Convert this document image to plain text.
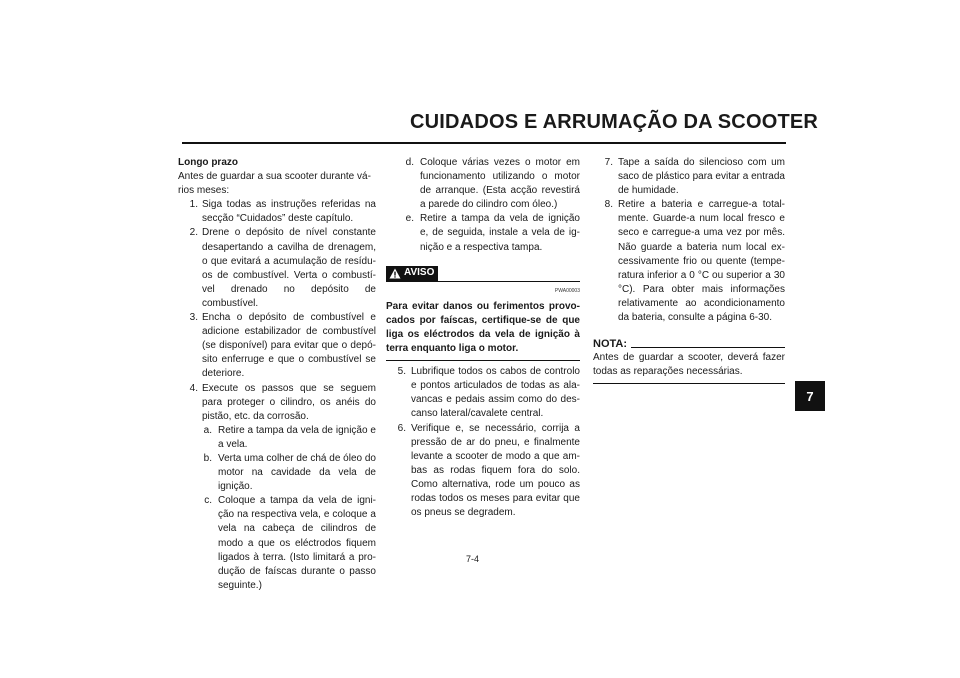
CUIDADOS E ARRUMAÇÃO DA SCOOTER

Longo prazo

Antes de guardar a sua scooter durante vá-rios meses:

1. Siga todas as instruções referidas na secção “Cuidados” deste capítulo.
2. Drene o depósito de nível constante desapertando a cavilha de drenagem, o que evitará a acumulação de resídu-os de combustível. Verta o combustí-vel drenado no depósito de combustível.
3. Encha o depósito de combustível e adicione estabilizador de combustível (se disponível) para evitar que o depó-sito enferruge e que o combustível se deteriore.
4. Execute os passos que se seguem para proteger o cilindro, os anéis do pistão, etc. da corrosão.
a. Retire a tampa da vela de ignição e a vela.
b. Verta uma colher de chá de óleo do motor na cavidade da vela de ignição.
c. Coloque a tampa da vela de igni-ção na respectiva vela, e coloque a vela na cabeça de cilindros de modo a que os eléctrodos fiquem ligados à terra. (Isto limitará a pro-dução de faíscas durante o passo seguinte.)
d. Coloque várias vezes o motor em funcionamento utilizando o motor de arranque. (Esta acção revestirá a parede do cilindro com óleo.)
e. Retire a tampa da vela de ignição e, de seguida, instale a vela de ig-nição e a respectiva tampa.
AVISO
PWA00003
Para evitar danos ou ferimentos provo-cados por faíscas, certifique-se de que liga os eléctrodos da vela de ignição à terra enquanto liga o motor.
5. Lubrifique todos os cabos de controlo e pontos articulados de todas as ala-vancas e pedais assim como do des-canso lateral/cavalete central.
6. Verifique e, se necessário, corrija a pressão de ar do pneu, e finalmente levante a scooter de modo a que am-bas as rodas fiquem fora do solo. Como alternativa, rode um pouco as rodas todos os meses para evitar que os pneus se degradem.
7. Tape a saída do silencioso com um saco de plástico para evitar a entrada de humidade.
8. Retire a bateria e carregue-a total-mente. Guarde-a num local fresco e seco e carregue-a uma vez por mês. Não guarde a bateria num local ex-cessivamente frio ou quente (tempe-ratura inferior a 0 °C ou superior a 30 °C). Para obter mais informações relativamente ao acondicionamento da bateria, consulte a página 6-30.
NOTA:
Antes de guardar a scooter, deverá fazer todas as reparações necessárias.
7-4
7
